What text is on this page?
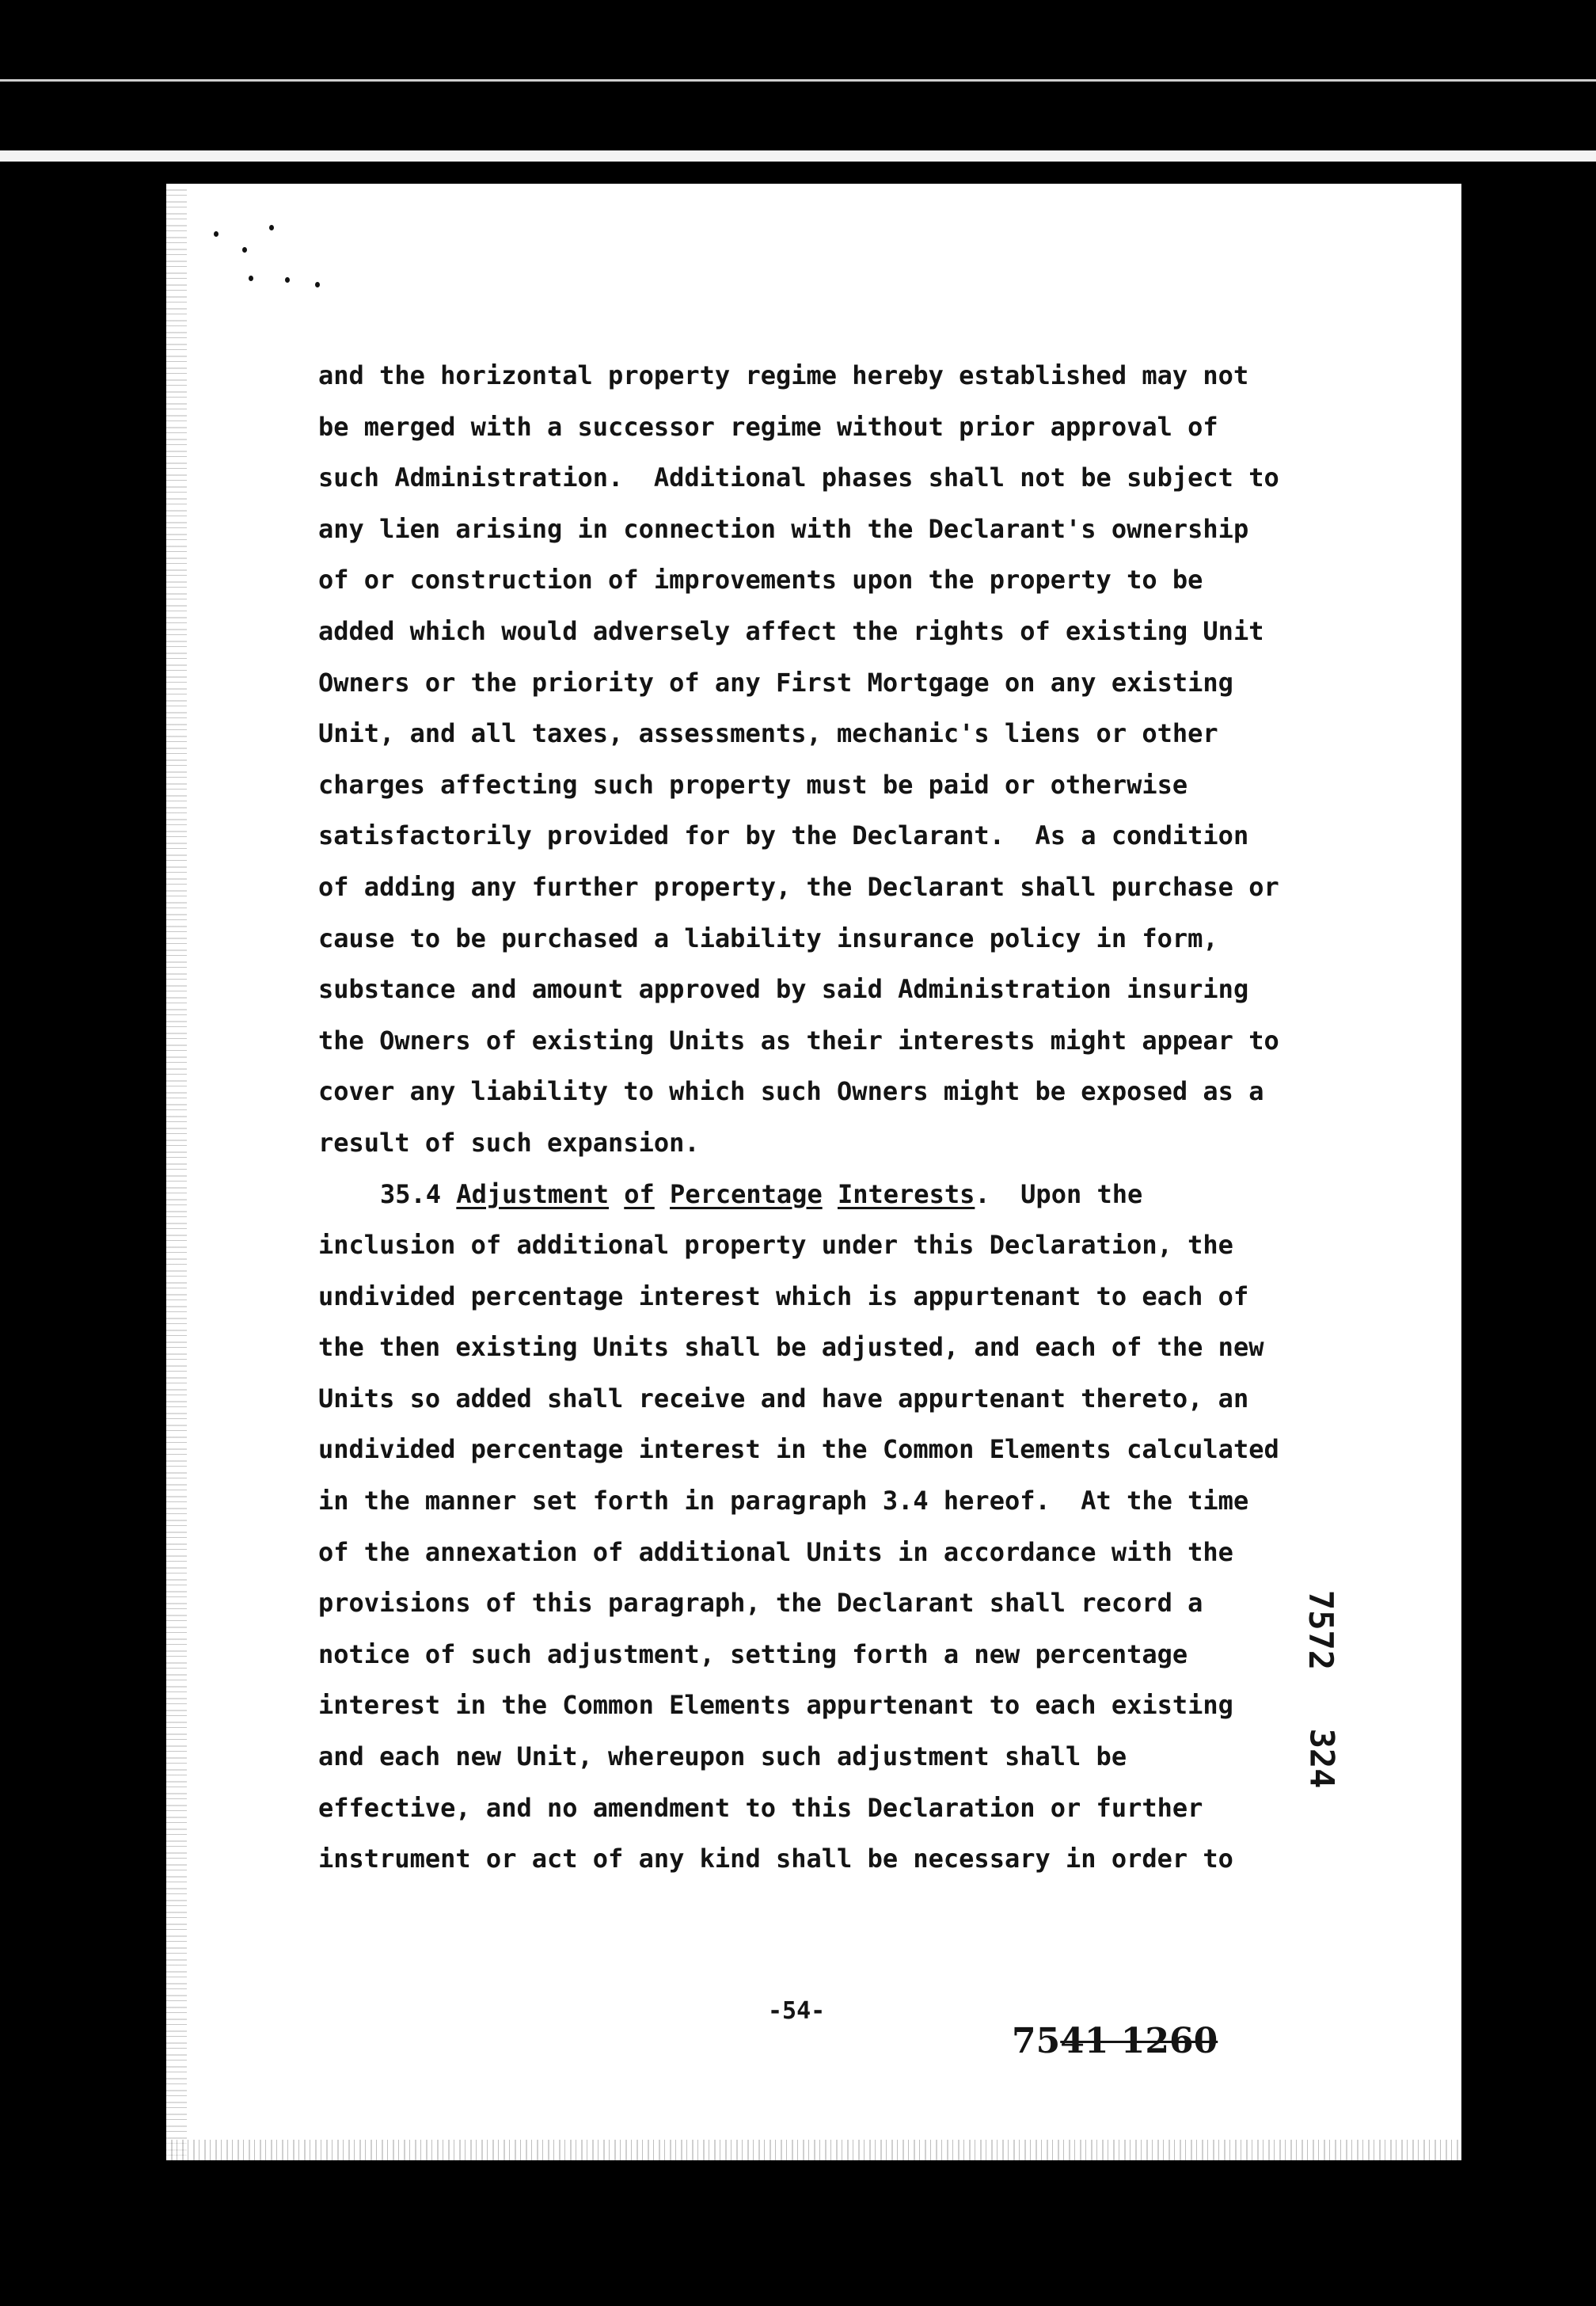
and the horizontal property regime hereby established may not
be merged with a successor regime without prior approval of
such Administration.  Additional phases shall not be subject to
any lien arising in connection with the Declarant's ownership
of or construction of improvements upon the property to be
added which would adversely affect the rights of existing Unit
Owners or the priority of any First Mortgage on any existing
Unit, and all taxes, assessments, mechanic's liens or other
charges affecting such property must be paid or otherwise
satisfactorily provided for by the Declarant.  As a condition
of adding any further property, the Declarant shall purchase or
cause to be purchased a liability insurance policy in form,
substance and amount approved by said Administration insuring
the Owners of existing Units as their interests might appear to
cover any liability to which such Owners might be exposed as a
result of such expansion.
35.4 Adjustment of Percentage Interests. Upon the
inclusion of additional property under this Declaration, the
undivided percentage interest which is appurtenant to each of
the then existing Units shall be adjusted, and each of the new
Units so added shall receive and have appurtenant thereto, an
undivided percentage interest in the Common Elements calculated
in the manner set forth in paragraph 3.4 hereof.  At the time
of the annexation of additional Units in accordance with the
provisions of this paragraph, the Declarant shall record a
notice of such adjustment, setting forth a new percentage
interest in the Common Elements appurtenant to each existing
and each new Unit, whereupon such adjustment shall be
effective, and no amendment to this Declaration or further
instrument or act of any kind shall be necessary in order to
7572
324
-54-
7541 1260
